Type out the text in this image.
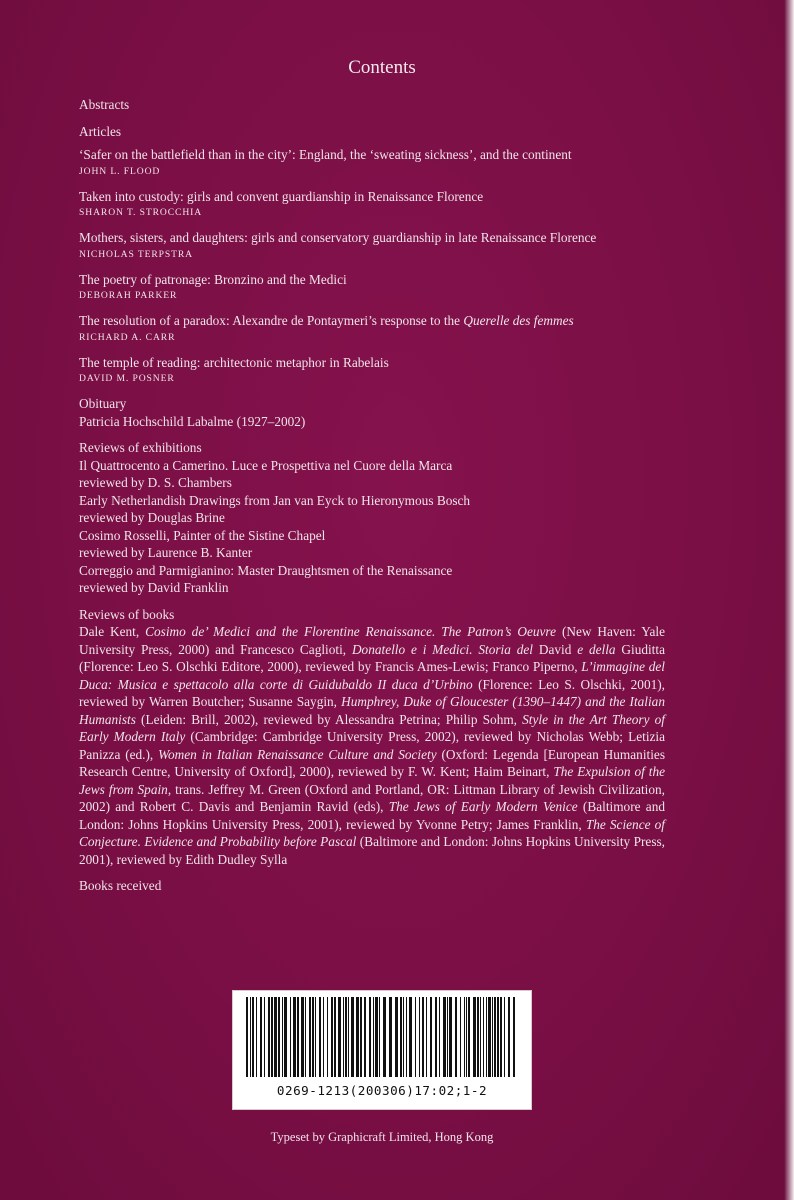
Contents

Abstracts

Articles

‘Safer on the battlefield than in the city’: England, the ‘sweating sickness’, and the continent

JOHN L. FLOOD

Taken into custody: girls and convent guardianship in Renaissance Florence

SHARON T. STROCCHIA

Mothers, sisters, and daughters: girls and conservatory guardianship in late Renaissance Florence

NICHOLAS TERPSTRA

The poetry of patronage: Bronzino and the Medici

DEBORAH PARKER

The resolution of a paradox: Alexandre de Pontaymeri’s response to the Querelle des femmes

RICHARD A. CARR

The temple of reading: architectonic metaphor in Rabelais

DAVID M. POSNER

Obituary

Patricia Hochschild Labalme (1927–2002)

Reviews of exhibitions

Il Quattrocento a Camerino. Luce e Prospettiva nel Cuore della Marca

reviewed by D. S. Chambers

Early Netherlandish Drawings from Jan van Eyck to Hieronymous Bosch

reviewed by Douglas Brine

Cosimo Rosselli, Painter of the Sistine Chapel

reviewed by Laurence B. Kanter

Correggio and Parmigianino: Master Draughtsmen of the Renaissance

reviewed by David Franklin

Reviews of books

Dale Kent, Cosimo de’ Medici and the Florentine Renaissance. The Patron’s Oeuvre (New Haven: Yale University Press, 2000) and Francesco Caglioti, Donatello e i Medici. Storia del David e della Giuditta (Florence: Leo S. Olschki Editore, 2000), reviewed by Francis Ames-Lewis; Franco Piperno, L’immagine del Duca: Musica e spettacolo alla corte di Guidubaldo II duca d’Urbino (Florence: Leo S. Olschki, 2001), reviewed by Warren Boutcher; Susanne Saygin, Humphrey, Duke of Gloucester (1390–1447) and the Italian Humanists (Leiden: Brill, 2002), reviewed by Alessandra Petrina; Philip Sohm, Style in the Art Theory of Early Modern Italy (Cambridge: Cambridge University Press, 2002), reviewed by Nicholas Webb; Letizia Panizza (ed.), Women in Italian Renaissance Culture and Society (Oxford: Legenda [European Humanities Research Centre, University of Oxford], 2000), reviewed by F. W. Kent; Haim Beinart, The Expulsion of the Jews from Spain, trans. Jeffrey M. Green (Oxford and Portland, OR: Littman Library of Jewish Civilization, 2002) and Robert C. Davis and Benjamin Ravid (eds), The Jews of Early Modern Venice (Baltimore and London: Johns Hopkins University Press, 2001), reviewed by Yvonne Petry; James Franklin, The Science of Conjecture. Evidence and Probability before Pascal (Baltimore and London: Johns Hopkins University Press, 2001), reviewed by Edith Dudley Sylla

Books received

0269-1213(200306)17:02;1-2
Typeset by Graphicraft Limited, Hong Kong
